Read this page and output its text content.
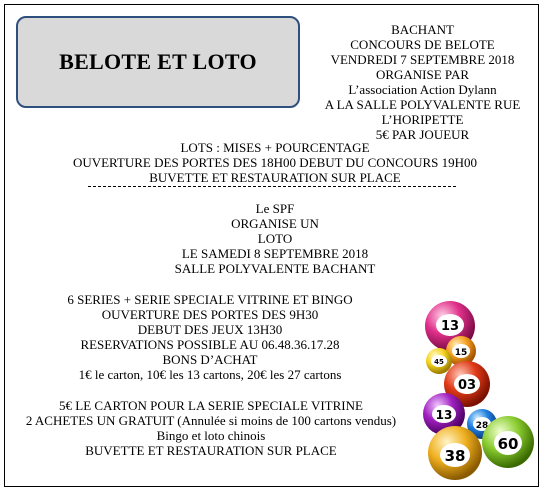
BELOTE ET LOTO
BACHANT
CONCOURS DE BELOTE
VENDREDI 7 SEPTEMBRE 2018
ORGANISE PAR
L’association Action Dylann
A LA SALLE POLYVALENTE RUE
L’HORIPETTE
5€ PAR JOUEUR
LOTS : MISES + POURCENTAGE
OUVERTURE DES PORTES DES 18H00 DEBUT DU CONCOURS 19H00
BUVETTE ET RESTAURATION SUR PLACE
Le SPF
ORGANISE UN
LOTO
LE SAMEDI 8 SEPTEMBRE 2018
SALLE POLYVALENTE BACHANT
6 SERIES + SERIE SPECIALE VITRINE ET BINGO
OUVERTURE DES PORTES DES 9H30
DEBUT DES JEUX 13H30
RESERVATIONS POSSIBLE AU 06.48.36.17.28
BONS D’ACHAT
1€ le carton, 10€ les 13 cartons, 20€ les 27 cartons
5€ LE CARTON POUR LA SERIE SPECIALE VITRINE
2 ACHETES UN GRATUIT (Annulée si moins de 100 cartons vendus)
Bingo et loto chinois
BUVETTE ET RESTAURATION SUR PLACE
13
15
45
03
13
28
38
60
